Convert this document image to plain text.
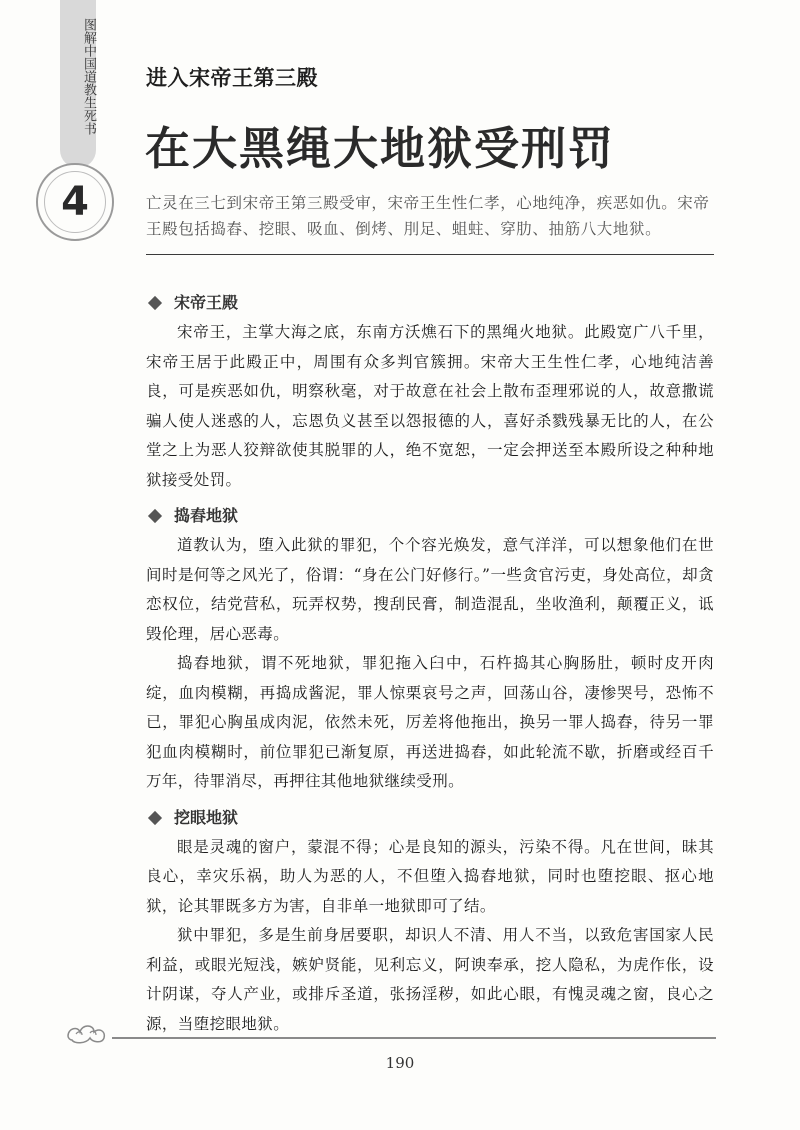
图解中国道教生死书
4
进入宋帝王第三殿
在大黑绳大地狱受刑罚
亡灵在三七到宋帝王第三殿受审，宋帝王生性仁孝，心地纯净，疾恶如仇。宋帝王殿包括捣舂、挖眼、吸血、倒烤、刖足、蛆蛀、穿肋、抽筋八大地狱。
宋帝王殿

宋帝王，主掌大海之底，东南方沃燋石下的黑绳火地狱。此殿宽广八千里，宋帝王居于此殿正中，周围有众多判官簇拥。宋帝大王生性仁孝，心地纯洁善良，可是疾恶如仇，明察秋毫，对于故意在社会上散布歪理邪说的人，故意撒谎骗人使人迷惑的人，忘恩负义甚至以怨报德的人，喜好杀戮残暴无比的人，在公堂之上为恶人狡辩欲使其脱罪的人，绝不宽恕，一定会押送至本殿所设之种种地狱接受处罚。

捣舂地狱

道教认为，堕入此狱的罪犯，个个容光焕发，意气洋洋，可以想象他们在世间时是何等之风光了，俗谓：“身在公门好修行。”一些贪官污吏，身处高位，却贪恋权位，结党营私，玩弄权势，搜刮民膏，制造混乱，坐收渔利，颠覆正义，诋毁伦理，居心恶毒。

捣舂地狱，谓不死地狱，罪犯拖入臼中，石杵捣其心胸肠肚，顿时皮开肉绽，血肉模糊，再捣成酱泥，罪人惊栗哀号之声，回荡山谷，凄惨哭号，恐怖不已，罪犯心胸虽成肉泥，依然未死，厉差将他拖出，换另一罪人捣舂，待另一罪犯血肉模糊时，前位罪犯已渐复原，再送进捣舂，如此轮流不歇，折磨或经百千万年，待罪消尽，再押往其他地狱继续受刑。

挖眼地狱

眼是灵魂的窗户，蒙混不得；心是良知的源头，污染不得。凡在世间，昧其良心，幸灾乐祸，助人为恶的人，不但堕入捣舂地狱，同时也堕挖眼、抠心地狱，论其罪既多方为害，自非单一地狱即可了结。

狱中罪犯，多是生前身居要职，却识人不清、用人不当，以致危害国家人民利益，或眼光短浅，嫉妒贤能，见利忘义，阿谀奉承，挖人隐私，为虎作伥，设计阴谋，夺人产业，或排斥圣道，张扬淫秽，如此心眼，有愧灵魂之窗，良心之源，当堕挖眼地狱。

190
